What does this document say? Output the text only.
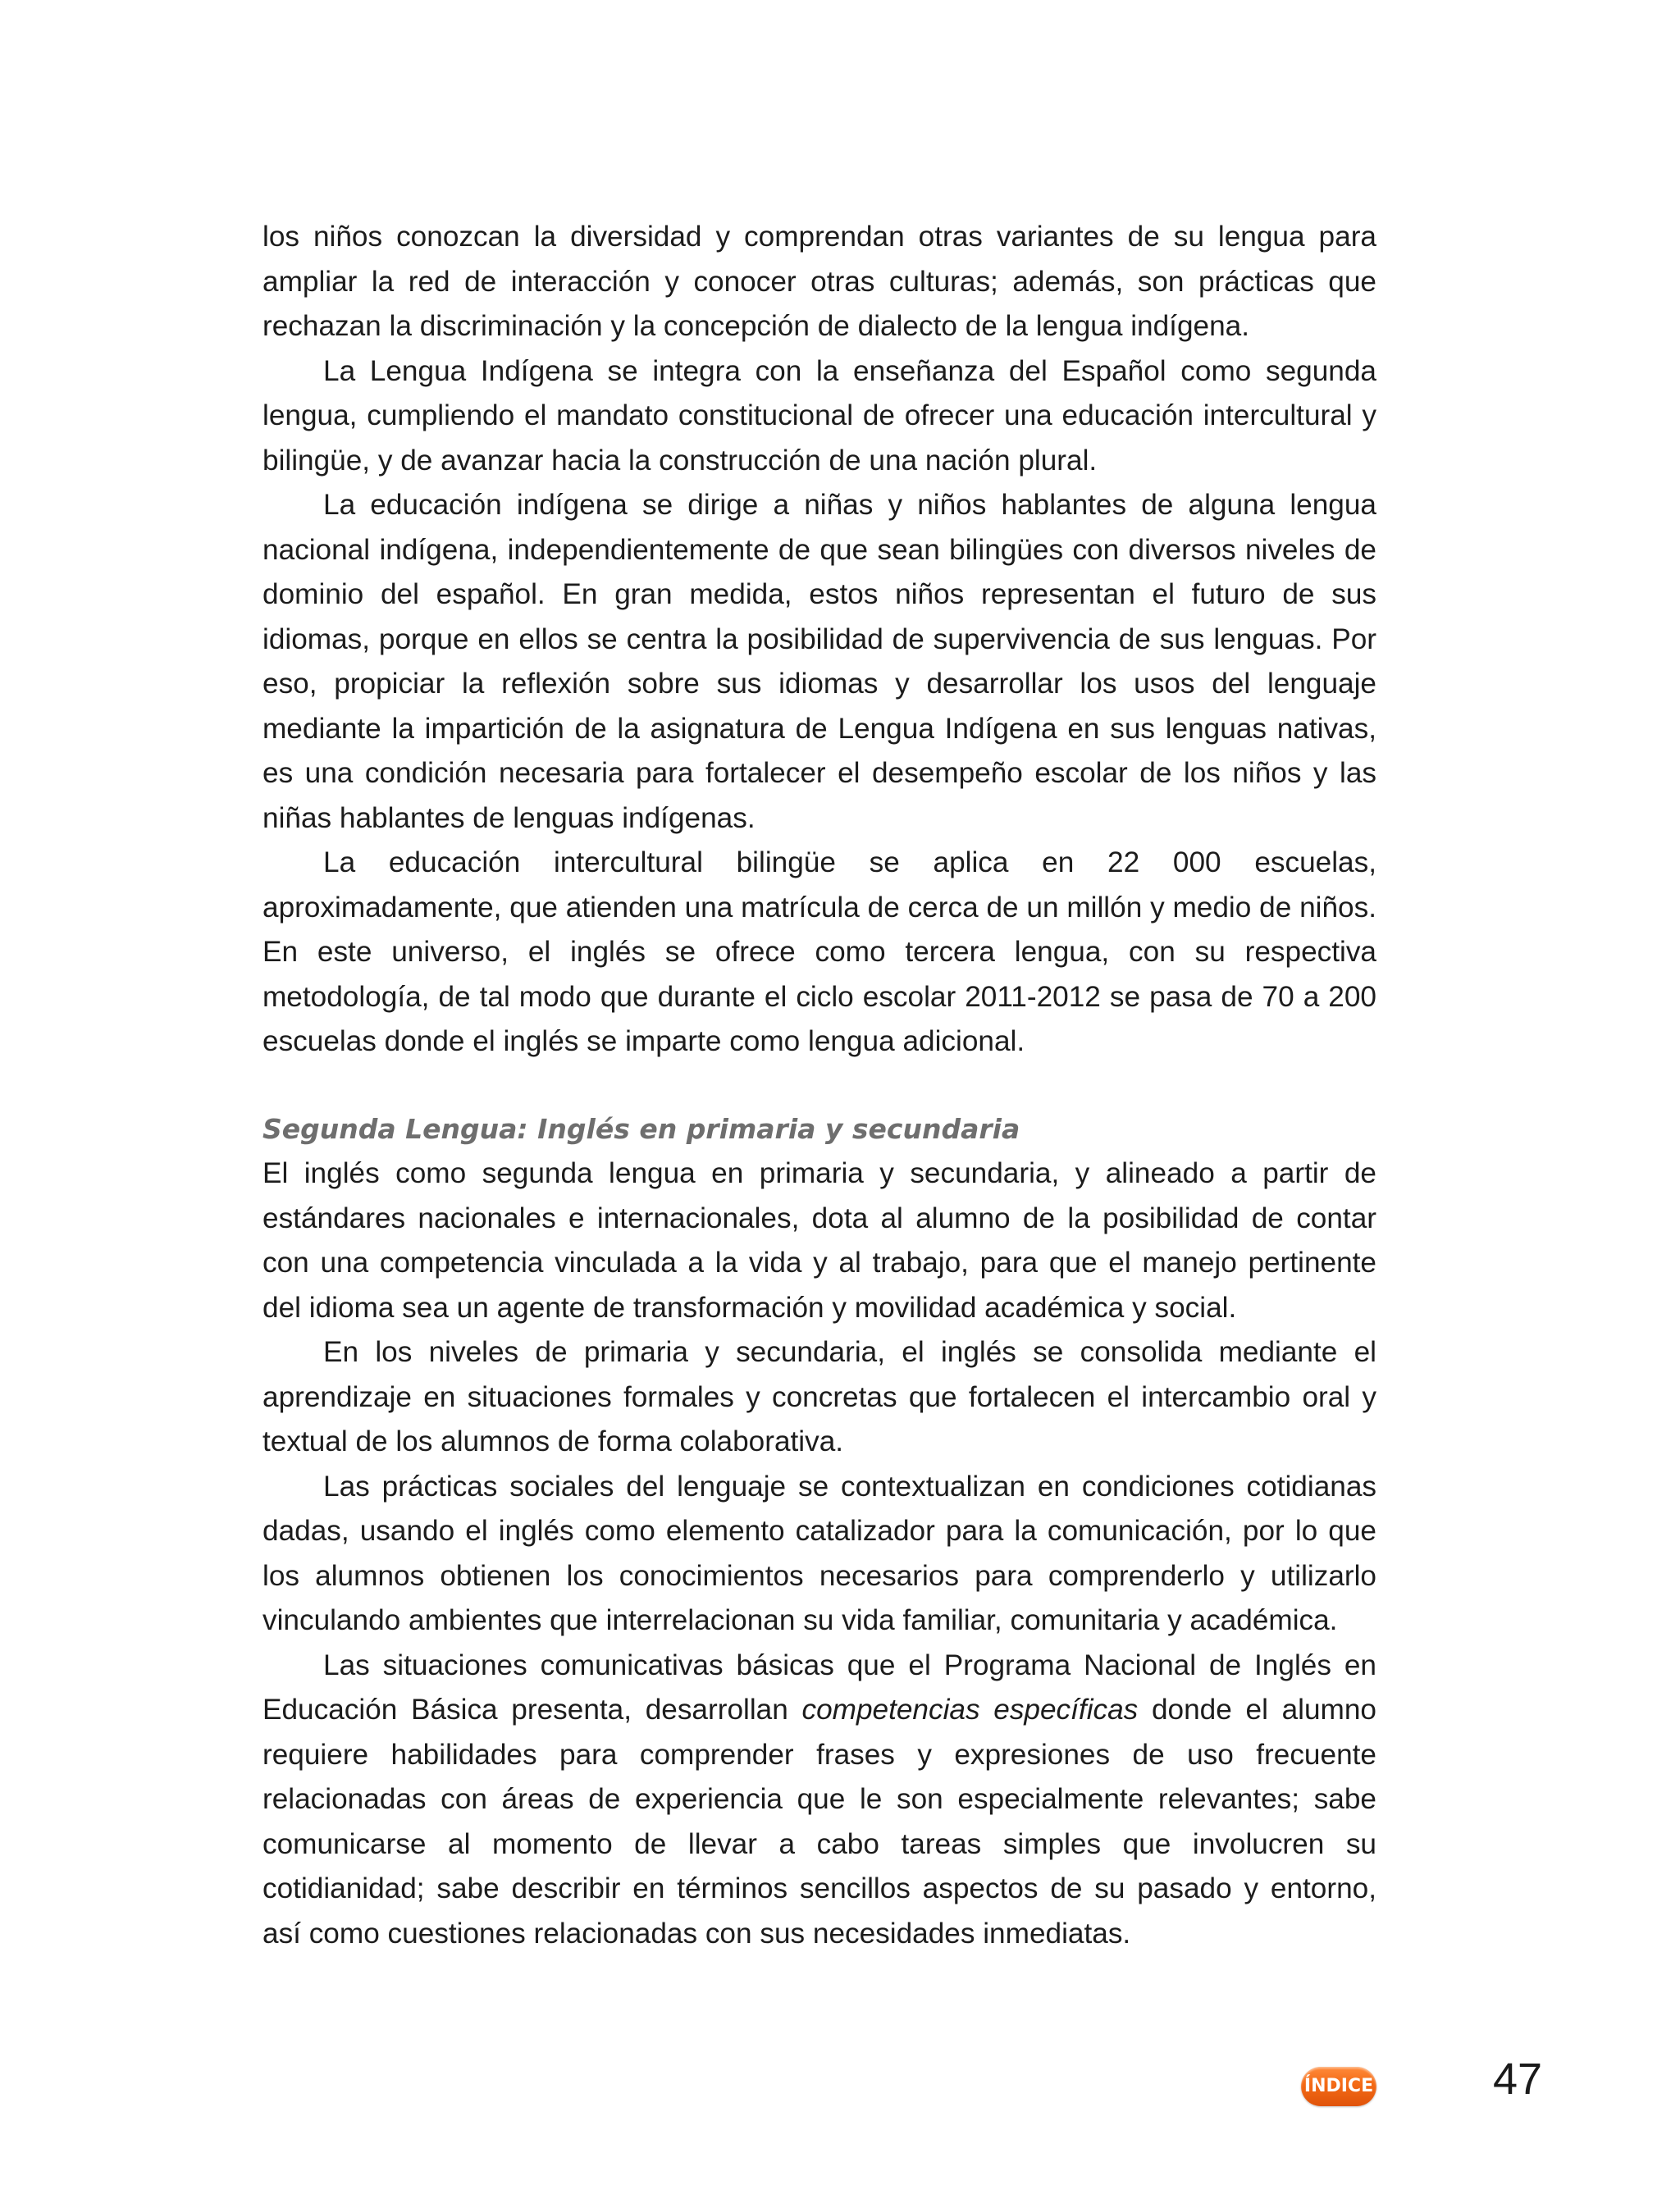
los niños conozcan la diversidad y comprendan otras variantes de su lengua para ampliar la red de interacción y conocer otras culturas; además, son prácticas que rechazan la discriminación y la concepción de dialecto de la lengua indígena.

La Lengua Indígena se integra con la enseñanza del Español como segunda lengua, cumpliendo el mandato constitucional de ofrecer una educación intercultural y bilingüe, y de avanzar hacia la construcción de una nación plural.

La educación indígena se dirige a niñas y niños hablantes de alguna lengua nacional indígena, independientemente de que sean bilingües con diversos niveles de dominio del español. En gran medida, estos niños representan el futuro de sus idiomas, porque en ellos se centra la posibilidad de supervivencia de sus lenguas. Por eso, propiciar la reflexión sobre sus idiomas y desarrollar los usos del lenguaje mediante la impartición de la asignatura de Lengua Indígena en sus lenguas nativas, es una condición necesaria para fortalecer el desempeño escolar de los niños y las niñas hablantes de lenguas indígenas.

La educación intercultural bilingüe se aplica en 22 000 escuelas, aproximadamente, que atienden una matrícula de cerca de un millón y medio de niños. En este universo, el inglés se ofrece como tercera lengua, con su respectiva metodología, de tal modo que durante el ciclo escolar 2011-2012 se pasa de 70 a 200 escuelas donde el inglés se imparte como lengua adicional.

Segunda Lengua: Inglés en primaria y secundaria

El inglés como segunda lengua en primaria y secundaria, y alineado a partir de estándares nacionales e internacionales, dota al alumno de la posibilidad de contar con una competencia vinculada a la vida y al trabajo, para que el manejo pertinente del idioma sea un agente de transformación y movilidad académica y social.

En los niveles de primaria y secundaria, el inglés se consolida mediante el aprendizaje en situaciones formales y concretas que fortalecen el intercambio oral y textual de los alumnos de forma colaborativa.

Las prácticas sociales del lenguaje se contextualizan en condiciones cotidianas dadas, usando el inglés como elemento catalizador para la comunicación, por lo que los alumnos obtienen los conocimientos necesarios para comprenderlo y utilizarlo vinculando ambientes que interrelacionan su vida familiar, comunitaria y académica.

Las situaciones comunicativas básicas que el Programa Nacional de Inglés en Educación Básica presenta, desarrollan competencias específicas donde el alumno requiere habilidades para comprender frases y expresiones de uso frecuente relacionadas con áreas de experiencia que le son especialmente relevantes; sabe comunicarse al momento de llevar a cabo tareas simples que involucren su cotidianidad; sabe describir en términos sencillos aspectos de su pasado y entorno, así como cuestiones relacionadas con sus necesidades inmediatas.

ÍNDICE	47
